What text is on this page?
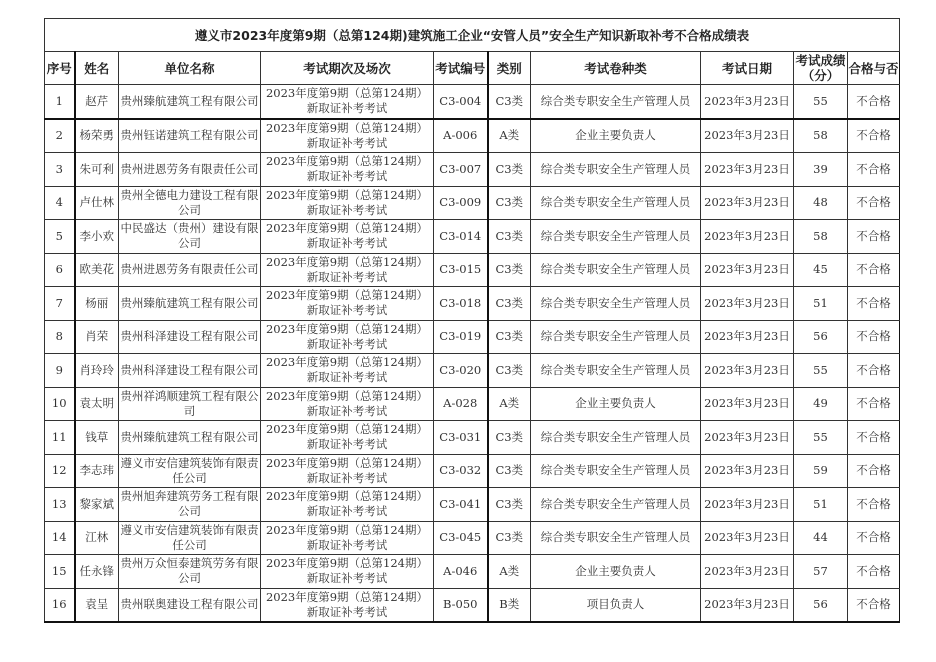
遵义市2023年度第9期（总第124期)建筑施工企业“安管人员”安全生产知识新取补考不合格成绩表									
序号	姓名	单位名称	考试期次及场次	考试编号	类别	考试卷种类	考试日期	考试成绩（分）	合格与否
1	赵芹	贵州臻航建筑工程有限公司	2023年度第9期（总第124期）新取证补考考试	C3-004	C3类	综合类专职安全生产管理人员	2023年3月23日	55	不合格
2	杨荣勇	贵州钰诺建筑工程有限公司	2023年度第9期（总第124期）新取证补考考试	A-006	A类	企业主要负责人	2023年3月23日	58	不合格
3	朱可利	贵州进恩劳务有限责任公司	2023年度第9期（总第124期）新取证补考考试	C3-007	C3类	综合类专职安全生产管理人员	2023年3月23日	39	不合格
4	卢仕林	贵州全德电力建设工程有限公司	2023年度第9期（总第124期）新取证补考考试	C3-009	C3类	综合类专职安全生产管理人员	2023年3月23日	48	不合格
5	李小欢	中民盛达（贵州）建设有限公司	2023年度第9期（总第124期）新取证补考考试	C3-014	C3类	综合类专职安全生产管理人员	2023年3月23日	58	不合格
6	欧美花	贵州进恩劳务有限责任公司	2023年度第9期（总第124期）新取证补考考试	C3-015	C3类	综合类专职安全生产管理人员	2023年3月23日	45	不合格
7	杨丽	贵州臻航建筑工程有限公司	2023年度第9期（总第124期）新取证补考考试	C3-018	C3类	综合类专职安全生产管理人员	2023年3月23日	51	不合格
8	肖荣	贵州科泽建设工程有限公司	2023年度第9期（总第124期）新取证补考考试	C3-019	C3类	综合类专职安全生产管理人员	2023年3月23日	56	不合格
9	肖玲玲	贵州科泽建设工程有限公司	2023年度第9期（总第124期）新取证补考考试	C3-020	C3类	综合类专职安全生产管理人员	2023年3月23日	55	不合格
10	袁太明	贵州祥鸿顺建筑工程有限公司	2023年度第9期（总第124期）新取证补考考试	A-028	A类	企业主要负责人	2023年3月23日	49	不合格
11	钱草	贵州臻航建筑工程有限公司	2023年度第9期（总第124期）新取证补考考试	C3-031	C3类	综合类专职安全生产管理人员	2023年3月23日	55	不合格
12	李志玮	遵义市安信建筑装饰有限责任公司	2023年度第9期（总第124期）新取证补考考试	C3-032	C3类	综合类专职安全生产管理人员	2023年3月23日	59	不合格
13	黎家斌	贵州旭奔建筑劳务工程有限公司	2023年度第9期（总第124期）新取证补考考试	C3-041	C3类	综合类专职安全生产管理人员	2023年3月23日	51	不合格
14	江林	遵义市安信建筑装饰有限责任公司	2023年度第9期（总第124期）新取证补考考试	C3-045	C3类	综合类专职安全生产管理人员	2023年3月23日	44	不合格
15	任永锋	贵州万众恒泰建筑劳务有限公司	2023年度第9期（总第124期）新取证补考考试	A-046	A类	企业主要负责人	2023年3月23日	57	不合格
16	袁呈	贵州联奥建设工程有限公司	2023年度第9期（总第124期）新取证补考考试	B-050	B类	项目负责人	2023年3月23日	56	不合格
